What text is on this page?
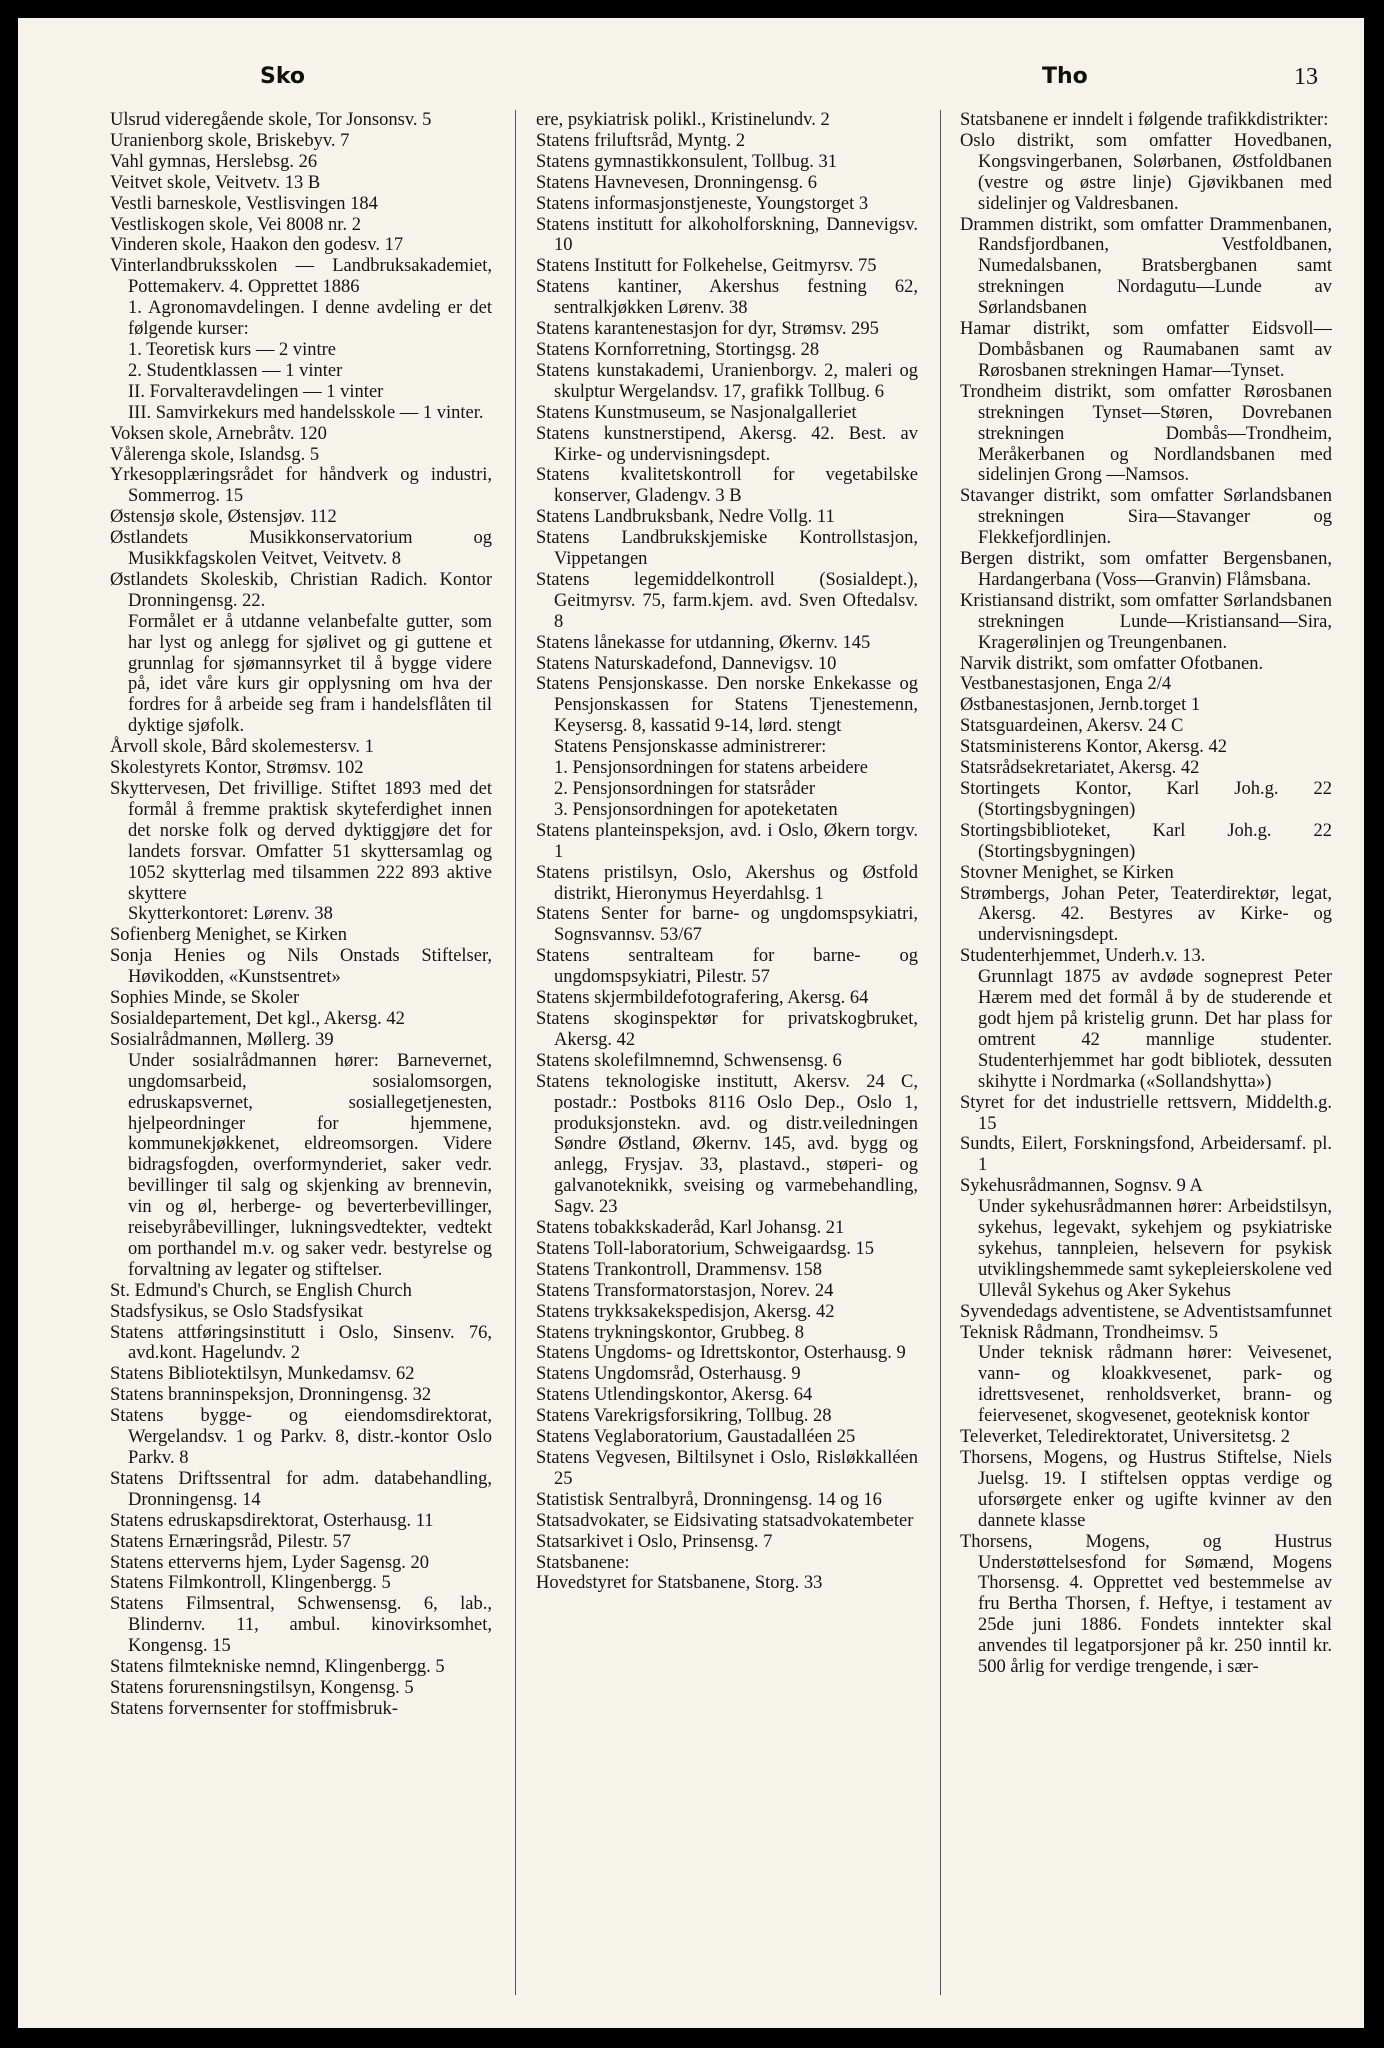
Sko	Tho	13
Ulsrud videregående skole, Tor Jonsonsv. 5
Uranienborg skole, Briskebyv. 7
Vahl gymnas, Herslebsg. 26
Veitvet skole, Veitvetv. 13 B
Vestli barneskole, Vestlisvingen 184
Vestliskogen skole, Vei 8008 nr. 2
Vinderen skole, Haakon den godesv. 17
Vinterlandbruksskolen — Landbruksakademiet, Pottemakerv. 4. Opprettet 1886
1. Agronomavdelingen. I denne avdeling er det følgende kurser:
1. Teoretisk kurs — 2 vintre
2. Studentklassen — 1 vinter
II. Forvalteravdelingen — 1 vinter
III. Samvirkekurs med handelsskole — 1 vinter.
Voksen skole, Arnebråtv. 120
Vålerenga skole, Islandsg. 5
Yrkesopplæringsrådet for håndverk og industri, Sommerrog. 15
Østensjø skole, Østensjøv. 112
Østlandets Musikkonservatorium og Musikkfagskolen Veitvet, Veitvetv. 8
Østlandets Skoleskib, Christian Radich. Kontor Dronningensg. 22.
Formålet er å utdanne velanbefalte gutter, som har lyst og anlegg for sjølivet og gi guttene et grunnlag for sjømannsyrket til å bygge videre på, idet våre kurs gir opplysning om hva der fordres for å arbeide seg fram i handelsflåten til dyktige sjøfolk.
Årvoll skole, Bård skolemestersv. 1
Skolestyrets Kontor, Strømsv. 102
Skyttervesen, Det frivillige. Stiftet 1893 med det formål å fremme praktisk skyteferdighet innen det norske folk og derved dyktiggjøre det for landets forsvar. Omfatter 51 skyttersamlag og 1052 skytterlag med tilsammen 222 893 aktive skyttere
Skytterkontoret: Lørenv. 38
Sofienberg Menighet, se Kirken
Sonja Henies og Nils Onstads Stiftelser, Høvikodden, «Kunstsentret»
Sophies Minde, se Skoler
Sosialdepartement, Det kgl., Akersg. 42
Sosialrådmannen, Møllerg. 39
Under sosialrådmannen hører: Barnevernet, ungdomsarbeid, sosialomsorgen, edruskapsvernet, sosiallegetjenesten, hjelpeordninger for hjemmene, kommunekjøkkenet, eldreomsorgen. Videre bidragsfogden, overformynderiet, saker vedr. bevillinger til salg og skjenking av brennevin, vin og øl, herberge- og beverterbevillinger, reisebyråbevillinger, lukningsvedtekter, vedtekt om porthandel m.v. og saker vedr. bestyrelse og forvaltning av legater og stiftelser.
St. Edmund's Church, se English Church
Stadsfysikus, se Oslo Stadsfysikat
Statens attføringsinstitutt i Oslo, Sinsenv. 76, avd.kont. Hagelundv. 2
Statens Bibliotektilsyn, Munkedamsv. 62
Statens branninspeksjon, Dronningensg. 32
Statens bygge- og eiendomsdirektorat, Wergelandsv. 1 og Parkv. 8, distr.-kontor Oslo Parkv. 8
Statens Driftssentral for adm. databehandling, Dronningensg. 14
Statens edruskapsdirektorat, Osterhausg. 11
Statens Ernæringsråd, Pilestr. 57
Statens etterverns hjem, Lyder Sagensg. 20
Statens Filmkontroll, Klingenbergg. 5
Statens Filmsentral, Schwensensg. 6, lab., Blindernv. 11, ambul. kinovirksomhet, Kongensg. 15
Statens filmtekniske nemnd, Klingenbergg. 5
Statens forurensningstilsyn, Kongensg. 5
Statens forvernsenter for stoffmisbruk-
ere, psykiatrisk polikl., Kristinelundv. 2
Statens friluftsråd, Myntg. 2
Statens gymnastikkonsulent, Tollbug. 31
Statens Havnevesen, Dronningensg. 6
Statens informasjonstjeneste, Youngstorget 3
Statens institutt for alkoholforskning, Dannevigsv. 10
Statens Institutt for Folkehelse, Geitmyrsv. 75
Statens kantiner, Akershus festning 62, sentralkjøkken Lørenv. 38
Statens karantenestasjon for dyr, Strømsv. 295
Statens Kornforretning, Stortingsg. 28
Statens kunstakademi, Uranienborgv. 2, maleri og skulptur Wergelandsv. 17, grafikk Tollbug. 6
Statens Kunstmuseum, se Nasjonalgalleriet
Statens kunstnerstipend, Akersg. 42. Best. av Kirke- og undervisningsdept.
Statens kvalitetskontroll for vegetabilske konserver, Gladengv. 3 B
Statens Landbruksbank, Nedre Vollg. 11
Statens Landbrukskjemiske Kontrollstasjon, Vippetangen
Statens legemiddelkontroll (Sosialdept.), Geitmyrsv. 75, farm.kjem. avd. Sven Oftedalsv. 8
Statens lånekasse for utdanning, Økernv. 145
Statens Naturskadefond, Dannevigsv. 10
Statens Pensjonskasse. Den norske Enkekasse og Pensjonskassen for Statens Tjenestemenn, Keysersg. 8, kassatid 9-14, lørd. stengt
Statens Pensjonskasse administrerer:
1. Pensjonsordningen for statens arbeidere
2. Pensjonsordningen for statsråder
3. Pensjonsordningen for apoteketaten
Statens planteinspeksjon, avd. i Oslo, Økern torgv. 1
Statens pristilsyn, Oslo, Akershus og Østfold distrikt, Hieronymus Heyerdahlsg. 1
Statens Senter for barne- og ungdomspsykiatri, Sognsvannsv. 53/67
Statens sentralteam for barne- og ungdomspsykiatri, Pilestr. 57
Statens skjermbildefotografering, Akersg. 64
Statens skoginspektør for privatskogbruket, Akersg. 42
Statens skolefilmnemnd, Schwensensg. 6
Statens teknologiske institutt, Akersv. 24 C, postadr.: Postboks 8116 Oslo Dep., Oslo 1, produksjonstekn. avd. og distr.veiledningen Søndre Østland, Økernv. 145, avd. bygg og anlegg, Frysjav. 33, plastavd., støperi- og galvanoteknikk, sveising og varmebehandling, Sagv. 23
Statens tobakkskaderåd, Karl Johansg. 21
Statens Toll-laboratorium, Schweigaardsg. 15
Statens Trankontroll, Drammensv. 158
Statens Transformatorstasjon, Norev. 24
Statens trykksakekspedisjon, Akersg. 42
Statens trykningskontor, Grubbeg. 8
Statens Ungdoms- og Idrettskontor, Osterhausg. 9
Statens Ungdomsråd, Osterhausg. 9
Statens Utlendingskontor, Akersg. 64
Statens Varekrigsforsikring, Tollbug. 28
Statens Veglaboratorium, Gaustadalléen 25
Statens Vegvesen, Biltilsynet i Oslo, Risløkkalléen 25
Statistisk Sentralbyrå, Dronningensg. 14 og 16
Statsadvokater, se Eidsivating statsadvokatembeter
Statsarkivet i Oslo, Prinsensg. 7
Statsbanene:
Hovedstyret for Statsbanene, Storg. 33
Statsbanene er inndelt i følgende trafikkdistrikter:
Oslo distrikt, som omfatter Hovedbanen, Kongsvingerbanen, Solørbanen, Østfoldbanen (vestre og østre linje) Gjøvikbanen med sidelinjer og Valdresbanen.
Drammen distrikt, som omfatter Drammenbanen, Randsfjordbanen, Vestfoldbanen, Numedalsbanen, Bratsbergbanen samt strekningen Nordagutu—Lunde av Sørlandsbanen
Hamar distrikt, som omfatter Eidsvoll—Dombåsbanen og Raumabanen samt av Rørosbanen strekningen Hamar—Tynset.
Trondheim distrikt, som omfatter Rørosbanen strekningen Tynset—Støren, Dovrebanen strekningen Dombås—Trondheim, Meråkerbanen og Nordlandsbanen med sidelinjen Grong —Namsos.
Stavanger distrikt, som omfatter Sørlandsbanen strekningen Sira—Stavanger og Flekkefjordlinjen.
Bergen distrikt, som omfatter Bergensbanen, Hardangerbana (Voss—Granvin) Flåmsbana.
Kristiansand distrikt, som omfatter Sørlandsbanen strekningen Lunde—Kristiansand—Sira, Kragerølinjen og Treungenbanen.
Narvik distrikt, som omfatter Ofotbanen.
Vestbanestasjonen, Enga 2/4
Østbanestasjonen, Jernb.torget 1
Statsguardeinen, Akersv. 24 C
Statsministerens Kontor, Akersg. 42
Statsrådsekretariatet, Akersg. 42
Stortingets Kontor, Karl Joh.g. 22 (Stortingsbygningen)
Stortingsbiblioteket, Karl Joh.g. 22 (Stortingsbygningen)
Stovner Menighet, se Kirken
Strømbergs, Johan Peter, Teaterdirektør, legat, Akersg. 42. Bestyres av Kirke- og undervisningsdept.
Studenterhjemmet, Underh.v. 13.
Grunnlagt 1875 av avdøde sogneprest Peter Hærem med det formål å by de studerende et godt hjem på kristelig grunn. Det har plass for omtrent 42 mannlige studenter. Studenterhjemmet har godt bibliotek, dessuten skihytte i Nordmarka («Sollandshytta»)
Styret for det industrielle rettsvern, Middelth.g. 15
Sundts, Eilert, Forskningsfond, Arbeidersamf. pl. 1
Sykehusrådmannen, Sognsv. 9 A
Under sykehusrådmannen hører: Arbeidstilsyn, sykehus, legevakt, sykehjem og psykiatriske sykehus, tannpleien, helsevern for psykisk utviklingshemmede samt sykepleierskolene ved Ullevål Sykehus og Aker Sykehus
Syvendedags adventistene, se Adventistsamfunnet
Teknisk Rådmann, Trondheimsv. 5
Under teknisk rådmann hører: Veivesenet, vann- og kloakkvesenet, park- og idrettsvesenet, renholdsverket, brann- og feiervesenet, skogvesenet, geoteknisk kontor
Televerket, Teledirektoratet, Universitetsg. 2
Thorsens, Mogens, og Hustrus Stiftelse, Niels Juelsg. 19. I stiftelsen opptas verdige og uforsørgete enker og ugifte kvinner av den dannete klasse
Thorsens, Mogens, og Hustrus Understøttelsesfond for Sømænd, Mogens Thorsensg. 4. Opprettet ved bestemmelse av fru Bertha Thorsen, f. Heftye, i testament av 25de juni 1886. Fondets inntekter skal anvendes til legatporsjoner på kr. 250 inntil kr. 500 årlig for verdige trengende, i sær-
